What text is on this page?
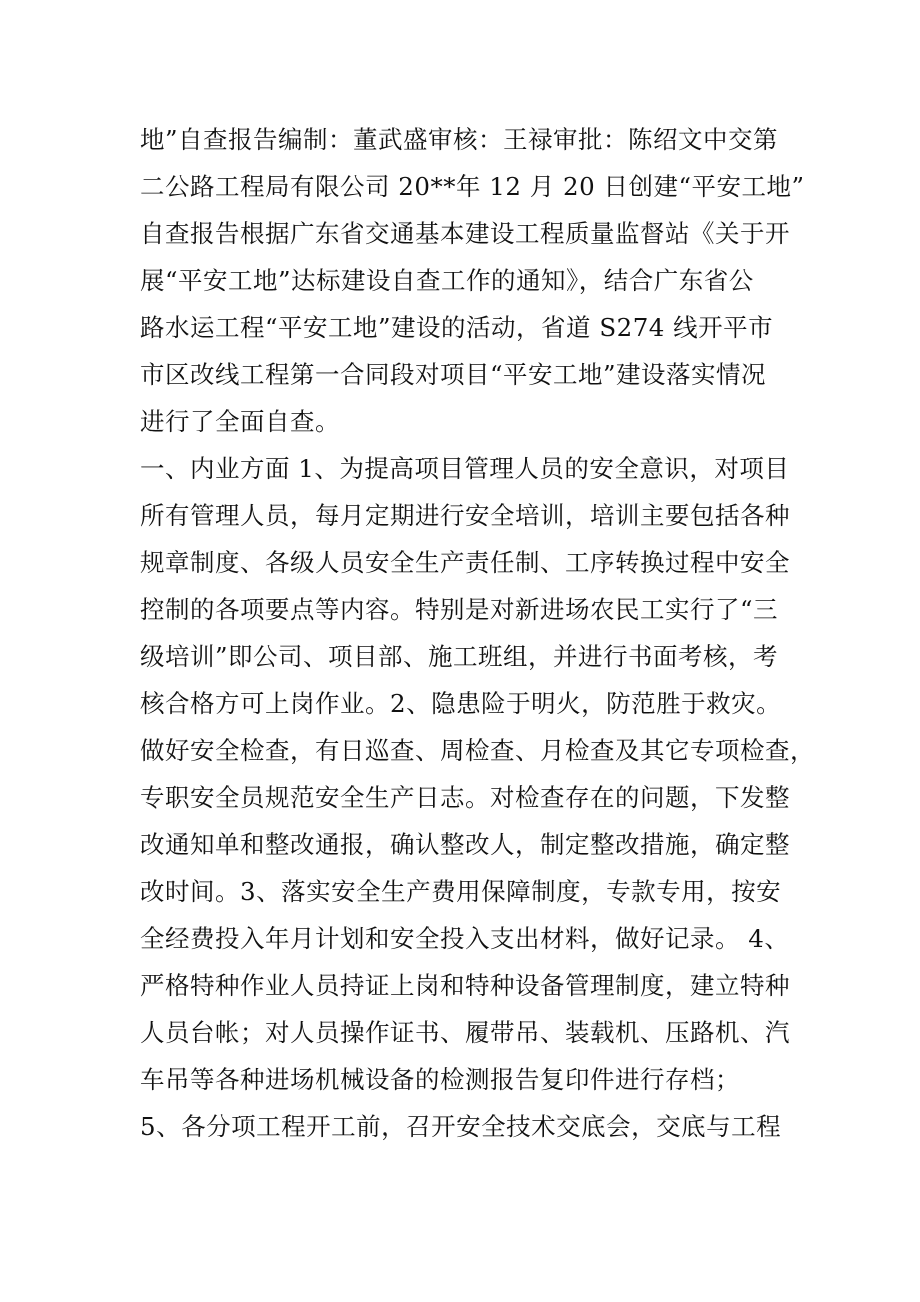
地”自查报告编制：董武盛审核：王禄审批：陈绍文中交第
二公路工程局有限公司 20**年 12 月 20 日创建“平安工地”
自查报告根据广东省交通基本建设工程质量监督站《关于开
展“平安工地”达标建设自查工作的通知》，结合广东省公
路水运工程“平安工地”建设的活动，省道 S274 线开平市
市区改线工程第一合同段对项目“平安工地”建设落实情况
进行了全面自查。
一、内业方面 1、为提高项目管理人员的安全意识，对项目
所有管理人员，每月定期进行安全培训，培训主要包括各种
规章制度、各级人员安全生产责任制、工序转换过程中安全
控制的各项要点等内容。特别是对新进场农民工实行了“三
级培训”即公司、项目部、施工班组，并进行书面考核，考
核合格方可上岗作业。2、隐患险于明火，防范胜于救灾。
做好安全检查，有日巡查、周检查、月检查及其它专项检查，
专职安全员规范安全生产日志。对检查存在的问题，下发整
改通知单和整改通报，确认整改人，制定整改措施，确定整
改时间。3、落实安全生产费用保障制度，专款专用，按安
全经费投入年月计划和安全投入支出材料，做好记录。 4、
严格特种作业人员持证上岗和特种设备管理制度，建立特种
人员台帐；对人员操作证书、履带吊、装载机、压路机、汽
车吊等各种进场机械设备的检测报告复印件进行存档；
5、各分项工程开工前，召开安全技术交底会，交底与工程
